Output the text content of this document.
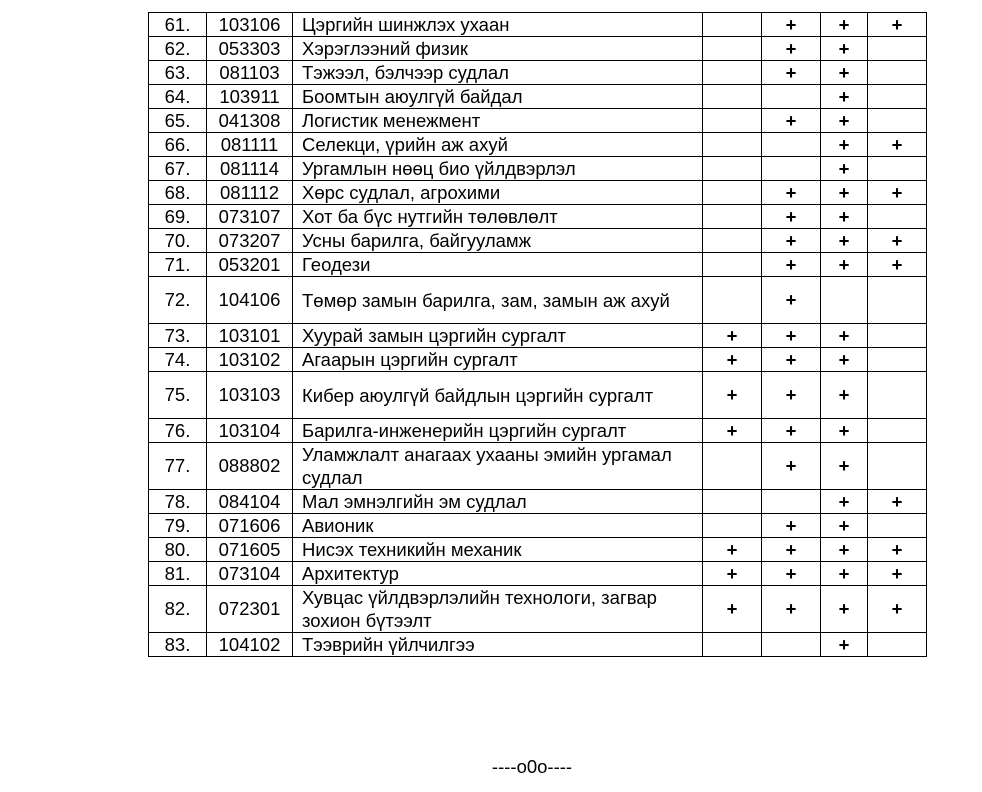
61.	103106	Цэргийн шинжлэх ухаан		+	+	+
62.	053303	Хэрэглээний физик		+	+	
63.	081103	Тэжээл, бэлчээр судлал		+	+	
64.	103911	Боомтын аюулгүй байдал			+	
65.	041308	Логистик менежмент		+	+	
66.	081111	Селекци, үрийн аж ахуй			+	+
67.	081114	Ургамлын нөөц био үйлдвэрлэл			+	
68.	081112	Хөрс судлал, агрохими		+	+	+
69.	073107	Хот ба бүс нутгийн төлөвлөлт		+	+	
70.	073207	Усны барилга, байгууламж		+	+	+
71.	053201	Геодези		+	+	+
72.	104106	Төмөр замын барилга, зам, замын аж ахуй		+		
73.	103101	Хуурай замын цэргийн сургалт	+	+	+	
74.	103102	Агаарын цэргийн сургалт	+	+	+	
75.	103103	Кибер аюулгүй байдлын цэргийн сургалт	+	+	+	
76.	103104	Барилга-инженерийн цэргийн сургалт	+	+	+	
77.	088802	Уламжлалт анагаах ухааны эмийн ургамал судлал		+	+	
78.	084104	Мал эмнэлгийн эм судлал			+	+
79.	071606	Авионик		+	+	
80.	071605	Нисэх техникийн механик	+	+	+	+
81.	073104	Архитектур	+	+	+	+
82.	072301	Хувцас үйлдвэрлэлийн технологи, загвар зохион бүтээлт	+	+	+	+
83.	104102	Тээврийн үйлчилгээ			+	
----o0o----
